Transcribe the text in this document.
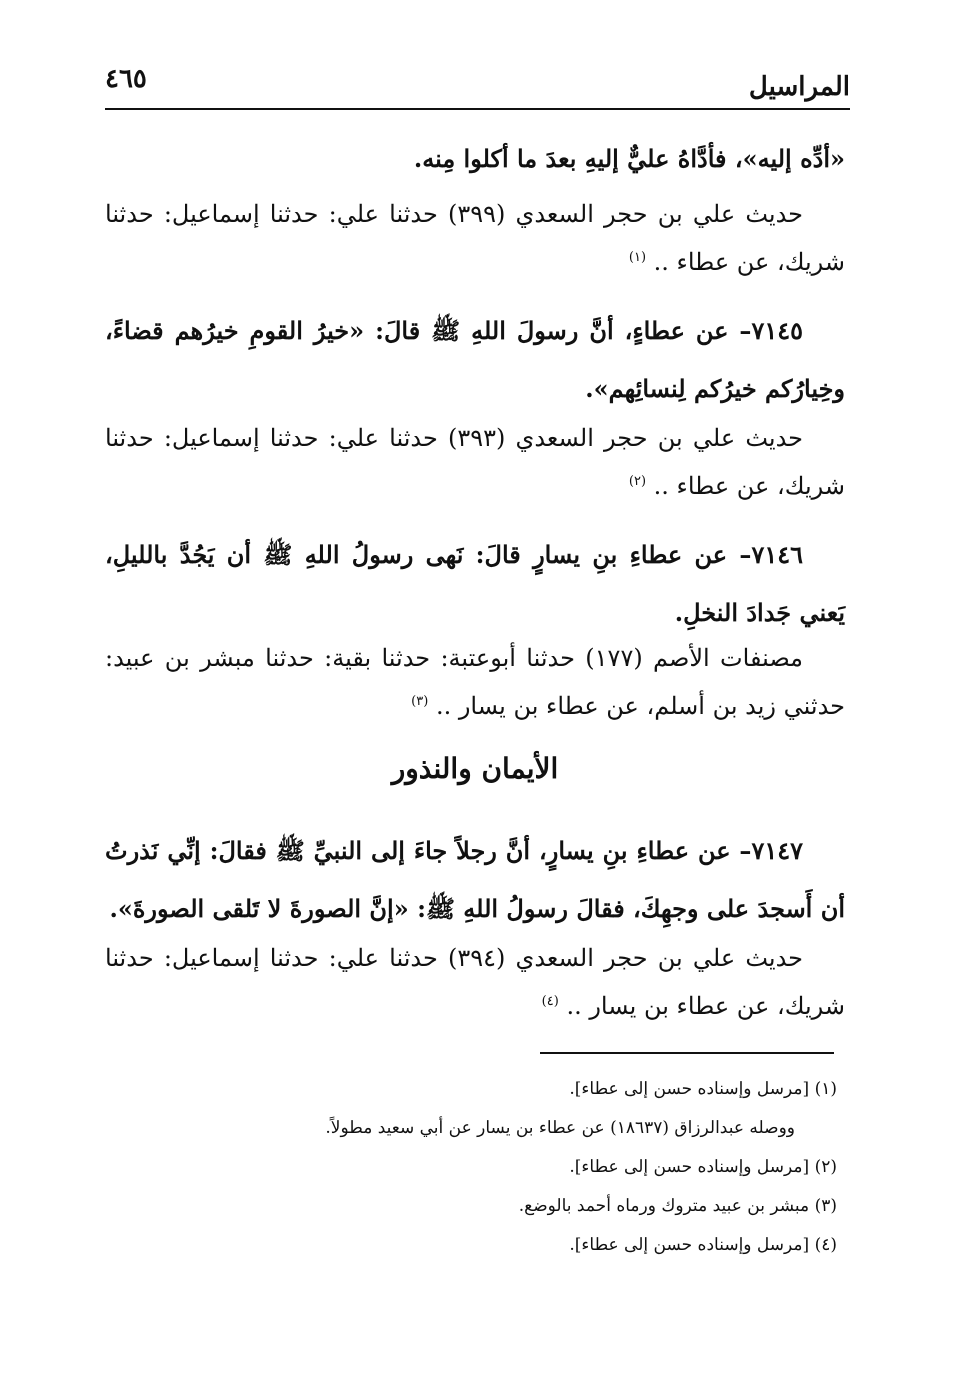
٤٦٥	المراسيل
«أدِّه إليه»، فأدَّاهُ عليٌّ إليهِ بعدَ ما أكلوا مِنه.
حديث علي بن حجر السعدي (٣٩٩) حدثنا علي: حدثنا إسماعيل: حدثنا شريك، عن عطاء .. $^{(١)}$
٧١٤٥– عن عطاءٍ، أنَّ رسولَ اللهِ ﷺ قالَ: «خيرُ القومِ خيرُهم قضاءً، وخِيارُكم خيرُكم لِنسائِهم».
حديث علي بن حجر السعدي (٣٩٣) حدثنا علي: حدثنا إسماعيل: حدثنا شريك، عن عطاء .. $^{(٢)}$
٧١٤٦– عن عطاءِ بنِ يسارٍ قالَ: نَهى رسولُ اللهِ ﷺ أن يَجُدَّ بالليلِ، يَعني جَدادَ النخلِ.
مصنفات الأصم (١٧٧) حدثنا أبوعتبة: حدثنا بقية: حدثنا مبشر بن عبيد: حدثني زيد بن أسلم، عن عطاء بن يسار .. $^{(٣)}$
الأيمان والنذور
٧١٤٧– عن عطاءِ بنِ يسارٍ، أنَّ رجلاً جاءَ إلى النبيِّ ﷺ فقالَ: إنِّي نَذرتُ أن أَسجدَ على وجهِكَ، فقالَ رسولُ اللهِ ﷺ: «إنَّ الصورةَ لا تَلقى الصورةَ».
حديث علي بن حجر السعدي (٣٩٤) حدثنا علي: حدثنا إسماعيل: حدثنا شريك، عن عطاء بن يسار .. $^{(٤)}$
(١) [مرسل وإسناده حسن إلى عطاء].
ووصله عبدالرزاق (١٨٦٣٧) عن عطاء بن يسار عن أبي سعيد مطولاً.
(٢) [مرسل وإسناده حسن إلى عطاء].
(٣) مبشر بن عبيد متروك ورماه أحمد بالوضع.
(٤) [مرسل وإسناده حسن إلى عطاء].
